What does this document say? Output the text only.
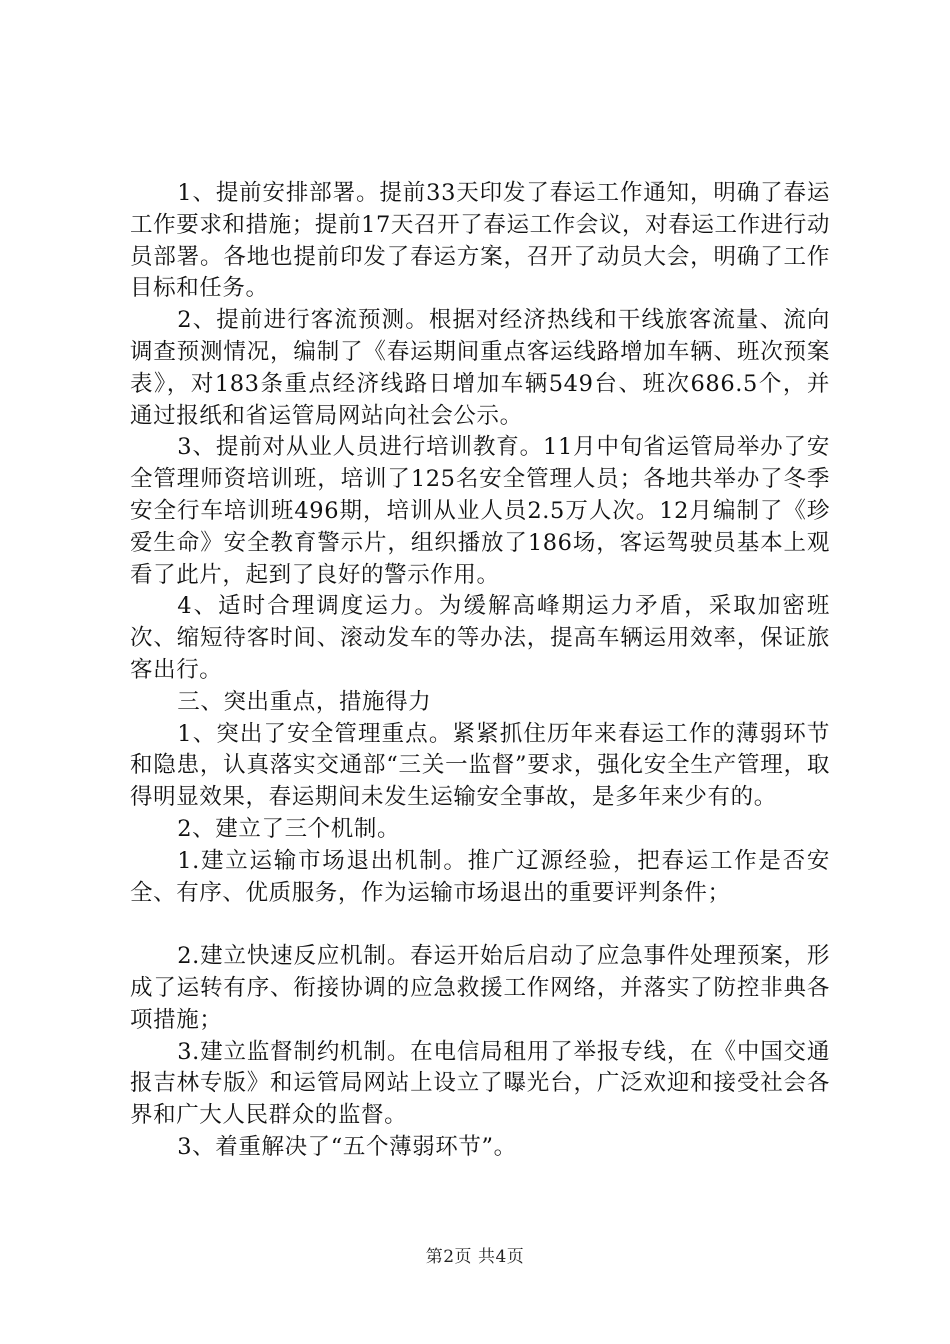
1、提前安排部署。提前33天印发了春运工作通知，明确了春运工作要求和措施；提前17天召开了春运工作会议，对春运工作进行动员部署。各地也提前印发了春运方案，召开了动员大会，明确了工作目标和任务。

2、提前进行客流预测。根据对经济热线和干线旅客流量、流向调查预测情况，编制了《春运期间重点客运线路增加车辆、班次预案表》，对183条重点经济线路日增加车辆549台、班次686.5个，并通过报纸和省运管局网站向社会公示。

3、提前对从业人员进行培训教育。11月中旬省运管局举办了安全管理师资培训班，培训了125名安全管理人员；各地共举办了冬季安全行车培训班496期，培训从业人员2.5万人次。12月编制了《珍爱生命》安全教育警示片，组织播放了186场，客运驾驶员基本上观看了此片，起到了良好的警示作用。

4、适时合理调度运力。为缓解高峰期运力矛盾，采取加密班次、缩短待客时间、滚动发车的等办法，提高车辆运用效率，保证旅客出行。

三、突出重点，措施得力

1、突出了安全管理重点。紧紧抓住历年来春运工作的薄弱环节和隐患，认真落实交通部“三关一监督”要求，强化安全生产管理，取得明显效果，春运期间未发生运输安全事故，是多年来少有的。

2、建立了三个机制。

1.建立运输市场退出机制。推广辽源经验，把春运工作是否安全、有序、优质服务，作为运输市场退出的重要评判条件；

2.建立快速反应机制。春运开始后启动了应急事件处理预案，形成了运转有序、衔接协调的应急救援工作网络，并落实了防控非典各项措施；

3.建立监督制约机制。在电信局租用了举报专线，在《中国交通报吉林专版》和运管局网站上设立了曝光台，广泛欢迎和接受社会各界和广大人民群众的监督。

3、着重解决了“五个薄弱环节”。

第2页 共4页
